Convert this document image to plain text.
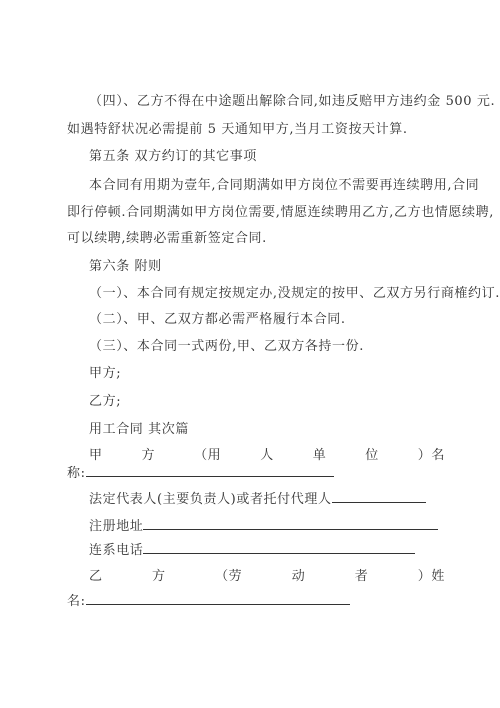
（四）、乙方不得在中途题出解除合同,如违反赔甲方违约金 500 元.
如遇特舒状况必需提前 5 天通知甲方,当月工资按天计算.
第五条 双方约订的其它事项
本合同有用期为壹年,合同期满如甲方岗位不需要再连续聘用,合同
即行停顿.合同期满如甲方岗位需要,情愿连续聘用乙方,乙方也情愿续聘,
可以续聘,续聘必需重新签定合同.
第六条 附则
（一）、本合同有规定按规定办,没规定的按甲、乙双方另行商榷约订.
（二）、甲、乙双方都必需严格履行本合同.
（三）、本合同一式两份,甲、乙双方各持一份.
甲方;
乙方;
用工合同 其次篇
甲	方	（用	人	单	位	）名
称:
法定代表人(主要负责人)或者托付代理人
注册地址
连系电话
乙	方	（劳	动	者	）姓
名:
